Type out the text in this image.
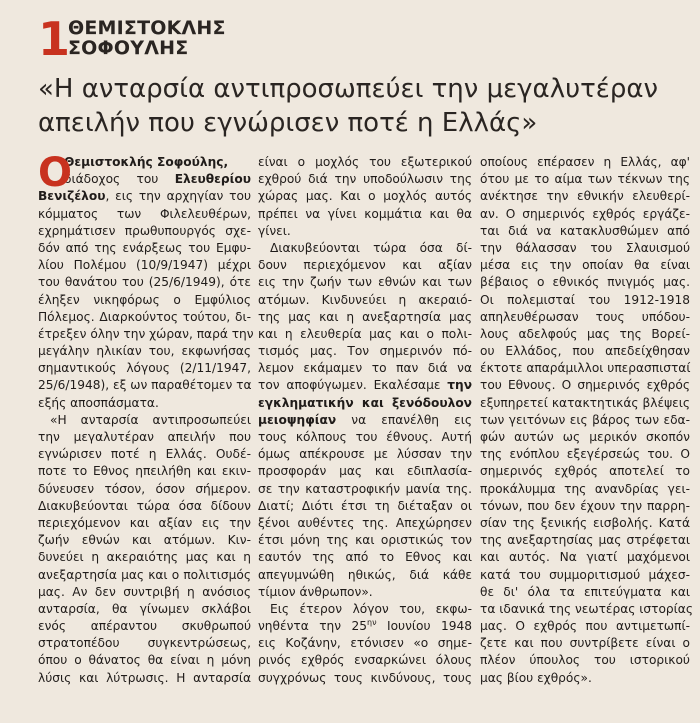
1
ΘΕΜΙΣΤΟΚΛΗΣ
ΣΟΦΟΥΛΗΣ
«Η ανταρσία αντιπροσωπεύει την μεγαλυτέραν
απειλήν που εγνώρισεν ποτέ η Ελλάς»
Ο
Θεμιστοκλής Σοφούλης,
διάδοχος του Ελευθερίου
Βενιζέλου, εις την αρχηγίαν του
κόμματος των Φιλελευθέρων,
εχρημάτισεν πρωθυπουργός σχε-
δόν από της ενάρξεως του Εμφυ-
λίου Πολέμου (10/9/1947) μέχρι
του θανάτου του (25/6/1949), ότε
έληξεν νικηφόρως ο Εμφύλιος
Πόλεμος. Διαρκούντος τούτου, δι-
έτρεξεν όλην την χώραν, παρά την
μεγάλην ηλικίαν του, εκφωνήσας
σημαντικούς λόγους (2/11/1947,
25/6/1948), εξ ων παραθέτομεν τα
εξής αποσπάσματα.
«Η ανταρσία αντιπροσωπεύει
την μεγαλυτέραν απειλήν που
εγνώρισεν ποτέ η Ελλάς. Ουδέ-
ποτε το Εθνος ηπειλήθη και εκιν-
δύνευσεν τόσον, όσον σήμερον.
Διακυβεύονται τώρα όσα δίδουν
περιεχόμενον και αξίαν εις την
ζωήν εθνών και ατόμων. Κιν-
δυνεύει η ακεραιότης μας και η
ανεξαρτησία μας και ο πολιτισμός
μας. Αν δεν συντριβή η ανόσιος
ανταρσία, θα γίνωμεν σκλάβοι
ενός απέραντου σκυθρωπού
στρατοπέδου συγκεντρώσεως,
όπου ο θάνατος θα είναι η μόνη
λύσις και λύτρωσις. Η ανταρσία
είναι ο μοχλός του εξωτερικού
εχθρού διά την υποδούλωσιν της
χώρας μας. Και ο μοχλός αυτός
πρέπει να γίνει κομμάτια και θα
γίνει.
Διακυβεύονται τώρα όσα δί-
δουν περιεχόμενον και αξίαν
εις την ζωήν των εθνών και των
ατόμων. Κινδυνεύει η ακεραιό-
της μας και η ανεξαρτησία μας
και η ελευθερία μας και ο πολι-
τισμός μας. Τον σημερινόν πό-
λεμον εκάμαμεν το παν διά να
τον αποφύγωμεν. Εκαλέσαμε την
εγκληματικήν και ξενόδουλον
μειοψηφίαν να επανέλθη εις
τους κόλπους του έθνους. Αυτή
όμως απέκρουσε με λύσσαν την
προσφοράν μας και εδιπλασία-
σε την καταστροφικήν μανία της.
Διατί; Διότι έτσι τη διέταξαν οι
ξένοι αυθέντες της. Απεχώρησεν
έτσι μόνη της και οριστικώς τον
εαυτόν της από το Εθνος και
απεγυμνώθη ηθικώς, διά κάθε
τίμιον άνθρωπον».
Εις έτερον λόγον του, εκφω-
νηθέντα την $25^{\eta\nu}$ Ιουνίου 1948
εις Κοζάνην, ετόνισεν «ο σημε-
ρινός εχθρός ενσαρκώνει όλους
συγχρόνως τους κινδύνους, τους
οποίους επέρασεν η Ελλάς, αφ'
ότου με το αίμα των τέκνων της
ανέκτησε την εθνικήν ελευθερί-
αν. Ο σημερινός εχθρός εργάζε-
ται διά να κατακλυσθώμεν από
την θάλασσαν του Σλαυισμού
μέσα εις την οποίαν θα είναι
βέβαιος ο εθνικός πνιγμός μας.
Οι πολεμισταί του 1912-1918
απηλευθέρωσαν τους υπόδου-
λους αδελφούς μας της Βορεί-
ου Ελλάδος, που απεδείχθησαν
έκτοτε απαράμιλλοι υπερασπισταί
του Εθνους. Ο σημερινός εχθρός
εξυπηρετεί κατακτητικάς βλέψεις
των γειτόνων εις βάρος των εδα-
φών αυτών ως μερικόν σκοπόν
της ενόπλου εξεγέρσεώς του. Ο
σημερινός εχθρός αποτελεί το
προκάλυμμα της ανανδρίας γει-
τόνων, που δεν έχουν την παρρη-
σίαν της ξενικής εισβολής. Κατά
της ανεξαρτησίας μας στρέφεται
και αυτός. Να γιατί μαχόμενοι
κατά του συμμοριτισμού μάχεσ-
θε δι' όλα τα επιτεύγματα και
τα ιδανικά της νεωτέρας ιστορίας
μας. Ο εχθρός που αντιμετωπί-
ζετε και που συντρίβετε είναι ο
πλέον ύπουλος του ιστορικού
μας βίου εχθρός».
